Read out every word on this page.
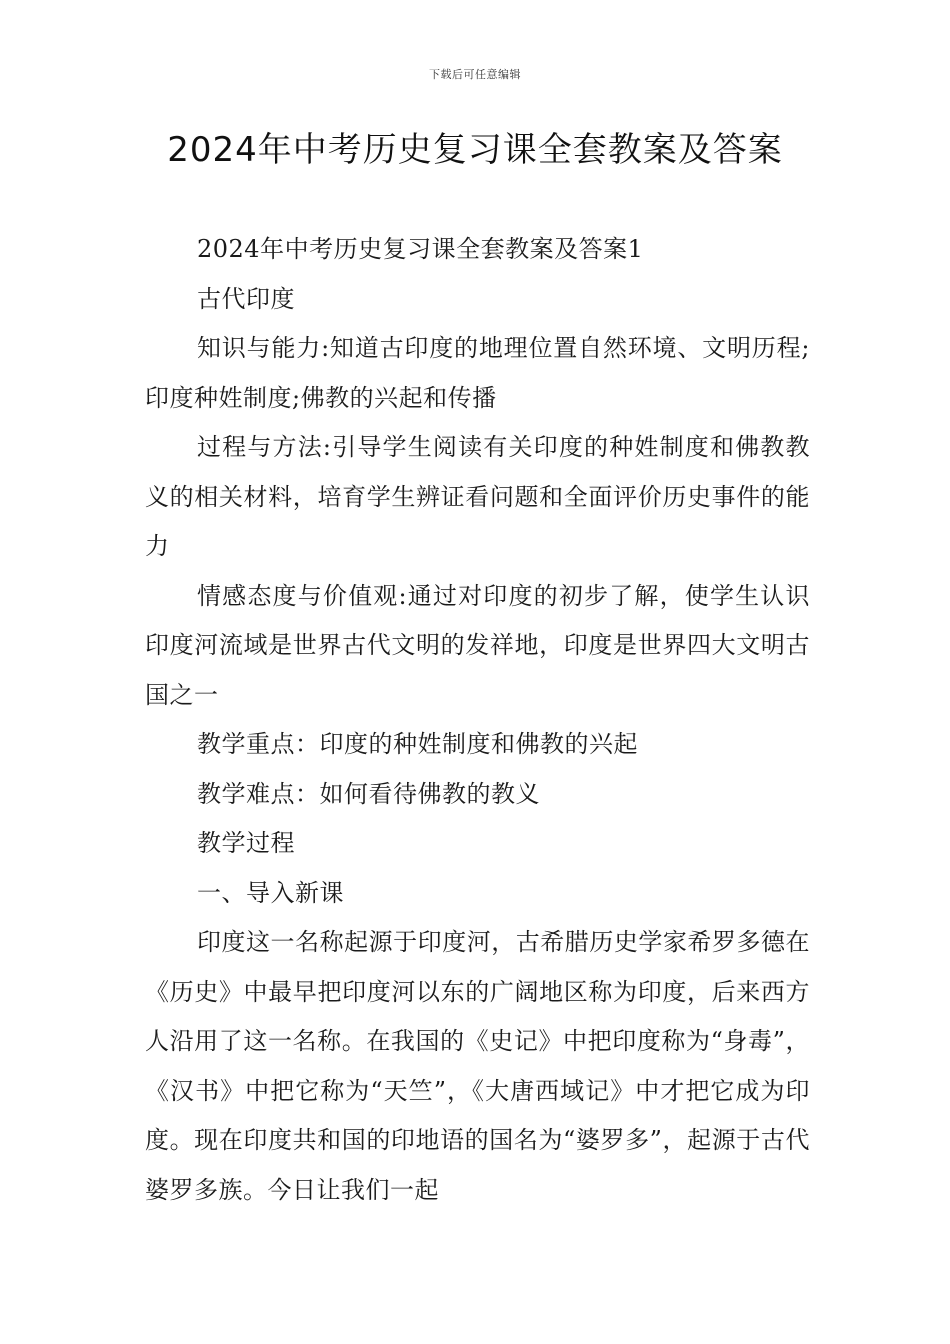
下载后可任意编辑
2024年中考历史复习课全套教案及答案

2024年中考历史复习课全套教案及答案1

古代印度

知识与能力:知道古印度的地理位置自然环境、文明历程;印度种姓制度;佛教的兴起和传播

过程与方法:引导学生阅读有关印度的种姓制度和佛教教义的相关材料，培育学生辨证看问题和全面评价历史事件的能力

情感态度与价值观:通过对印度的初步了解，使学生认识印度河流域是世界古代文明的发祥地，印度是世界四大文明古国之一

教学重点：印度的种姓制度和佛教的兴起

教学难点：如何看待佛教的教义

教学过程

一、导入新课

印度这一名称起源于印度河，古希腊历史学家希罗多德在《历史》中最早把印度河以东的广阔地区称为印度，后来西方人沿用了这一名称。在我国的《史记》中把印度称为“身毒”，《汉书》中把它称为“天竺”，《大唐西域记》中才把它成为印度。现在印度共和国的印地语的国名为“婆罗多”，起源于古代婆罗多族。今日让我们一起
